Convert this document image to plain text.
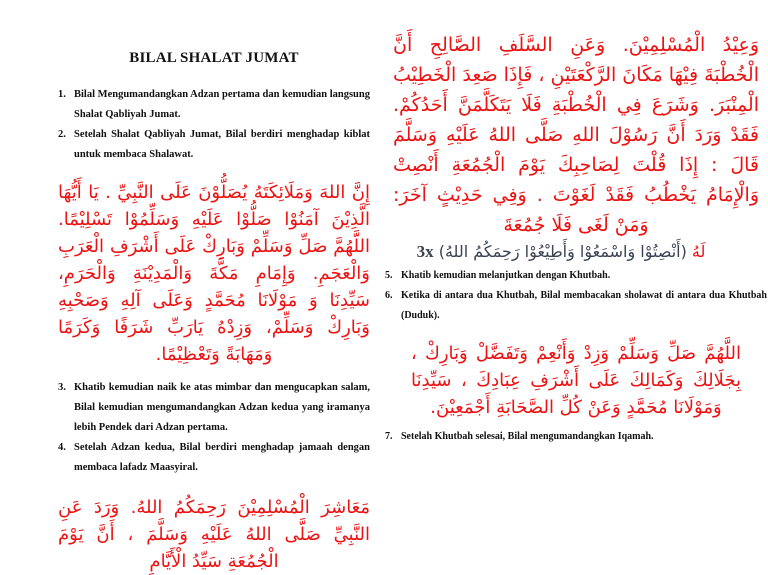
BILAL SHALAT JUMAT
1. Bilal Mengumandangkan Adzan pertama dan kemudian langsung Shalat Qabliyah Jumat.
2. Setelah Shalat Qabliyah Jumat, Bilal berdiri menghadap kiblat untuk membaca Shalawat.
إِنَّ اللهَ وَمَلَائِكَتَهُ يُصَلُّوْنَ عَلَى النَّبِيِّ . يَا أَيُّهَا الَّذِيْنَ آمَنُوْا صَلُّوْا عَلَيْهِ وَسَلِّمُوْا تَسْلِيْمًا. اللَّهُمَّ صَلِّ وَسَلِّمْ وَبَارِكْ عَلَى أَشْرَفِ الْعَرَبِ وَالْعَجَمِ. وَإِمَامِ مَكَّةَ وَالْمَدِيْنَةِ وَالْحَرَمِ، سَيِّدِنَا وَ مَوْلَانَا مُحَمَّدٍ وَعَلَى آلِهِ وَصَحْبِهِ وَبَارِكْ وَسَلِّمْ، وَزِدْهُ يَارَبِّ شَرَفًا وَكَرَمًا وَمَهَابَةً وَتَعْظِيْمًا.
3. Khatib kemudian naik ke atas mimbar dan mengucapkan salam, Bilal kemudian mengumandangkan Adzan kedua yang iramanya lebih Pendek dari Adzan pertama.
4. Setelah Adzan kedua, Bilal berdiri menghadap jamaah dengan membaca lafadz Maasyiral.
مَعَاشِرَ الْمُسْلِمِيْنَ رَحِمَكُمُ اللهُ. وَرَدَ عَنِ النَّبِيِّ صَلَّى اللهُ عَلَيْهِ وَسَلَّمَ ، أَنَّ يَوْمَ الْجُمُعَةِ سَيِّدُ الْأَيَّامِ
وَعِيْدُ الْمُسْلِمِيْنَ. وَعَنِ السَّلَفِ الصَّالِحِ أَنَّ الْخُطْبَةَ فِيْهَا مَكَانَ الرَّكْعَتَيْنِ ، فَإِذَا صَعِدَ الْخَطِيْبُ الْمِنْبَرَ. وَشَرَعَ فِي الْخُطْبَةِ فَلَا يَتَكَلَّمَنَّ أَحَدُكُمْ. فَقَدْ وَرَدَ أَنَّ رَسُوْلَ اللهِ صَلَّى اللهُ عَلَيْهِ وَسَلَّمَ قَالَ : إِذَا قُلْتَ لِصَاحِبِكَ يَوْمَ الْجُمُعَةِ أَنْصِتْ وَالْإِمَامُ يَخْطُبُ فَقَدْ لَغَوْتَ . وَفِي حَدِيْثٍ آخَرَ: وَمَنْ لَغَى فَلَا جُمُعَةَ
لَهُ (أَنْصِتُوْا وَاسْمَعُوْا وَأَطِيْعُوْا رَحِمَكُمُ اللهُ) 3x
5. Khatib kemudian melanjutkan dengan Khutbah.
6. Ketika di antara dua Khutbah, Bilal membacakan sholawat di antara dua Khutbah (Duduk).
اللَّهُمَّ صَلِّ وَسَلِّمْ وَزِدْ وَأَنْعِمْ وَتَفَضَّلْ وَبَارِكْ ، بِجَلَالِكَ وَكَمَالِكَ عَلَى أَشْرَفِ عِبَادِكَ ، سَيِّدِنَا وَمَوْلَانَا مُحَمَّدٍ وَعَنْ كُلِّ الصَّحَابَةِ أَجْمَعِيْنَ.
7. Setelah Khutbah selesai, Bilal mengumandangkan Iqamah.
